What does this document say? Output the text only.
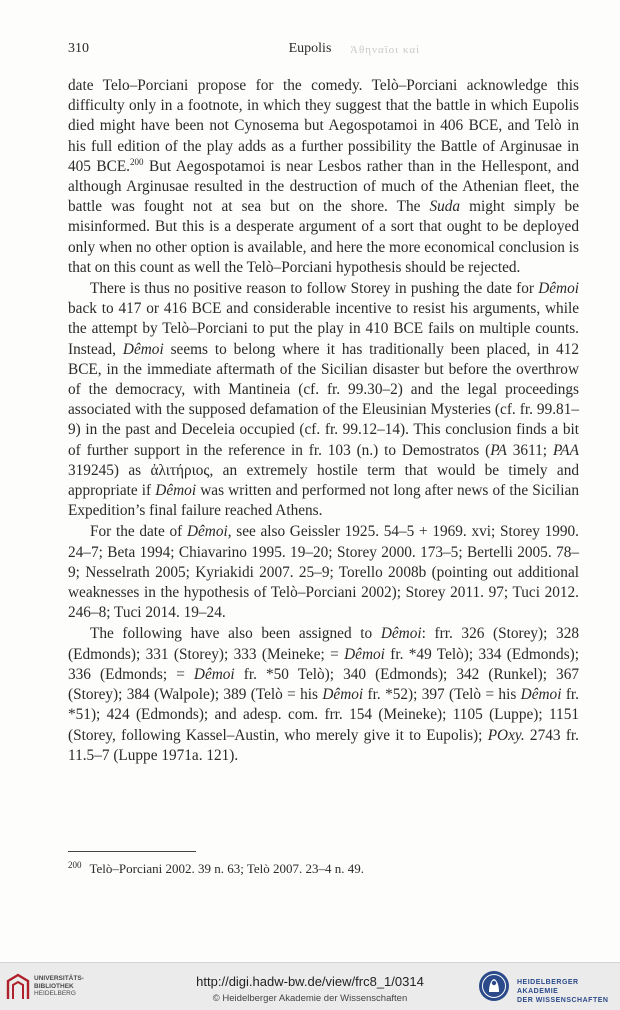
Ἀθηναῖοι καὶ
310	Eupolis

date Telo–Porciani propose for the comedy. Telò–Porciani acknowledge this difficulty only in a footnote, in which they suggest that the battle in which Eupolis died might have been not Cynosema but Aegospotamoi in 406 BCE, and Telò in his full edition of the play adds as a further possibility the Battle of Arginusae in 405 BCE.$^{200}$ But Aegospotamoi is near Lesbos rather than in the Hellespont, and although Arginusae resulted in the destruction of much of the Athenian fleet, the battle was fought not at sea but on the shore. The Suda might simply be misinformed. But this is a desperate argument of a sort that ought to be deployed only when no other option is available, and here the more economical conclusion is that on this count as well the Telò–Porciani hypothesis should be rejected.

There is thus no positive reason to follow Storey in pushing the date for Dêmoi back to 417 or 416 BCE and considerable incentive to resist his arguments, while the attempt by Telò–Porciani to put the play in 410 BCE fails on multiple counts. Instead, Dêmoi seems to belong where it has traditionally been placed, in 412 BCE, in the immediate aftermath of the Sicilian disaster but before the overthrow of the democracy, with Mantineia (cf. fr. 99.30–2) and the legal proceedings associated with the supposed defamation of the Eleusinian Mysteries (cf. fr. 99.81–9) in the past and Deceleia occupied (cf. fr. 99.12–14). This conclusion finds a bit of further support in the reference in fr. 103 (n.) to Demostratos (PA 3611; PAA 319245) as ἀλιτήριος, an extremely hostile term that would be timely and appropriate if Dêmoi was written and performed not long after news of the Sicilian Expedition’s final failure reached Athens.

For the date of Dêmoi, see also Geissler 1925. 54–5 + 1969. xvi; Storey 1990. 24–7; Beta 1994; Chiavarino 1995. 19–20; Storey 2000. 173–5; Bertelli 2005. 78–9; Nesselrath 2005; Kyriakidi 2007. 25–9; Torello 2008b (pointing out additional weaknesses in the hypothesis of Telò–Porciani 2002); Storey 2011. 97; Tuci 2012. 246–8; Tuci 2014. 19–24.

The following have also been assigned to Dêmoi: frr. 326 (Storey); 328 (Edmonds); 331 (Storey); 333 (Meineke; = Dêmoi fr. *49 Telò); 334 (Edmonds); 336 (Edmonds; = Dêmoi fr. *50 Telò); 340 (Edmonds); 342 (Runkel); 367 (Storey); 384 (Walpole); 389 (Telò = his Dêmoi fr. *52); 397 (Telò = his Dêmoi fr. *51); 424 (Edmonds); and adesp. com. frr. 154 (Meineke); 1105 (Luppe); 1151 (Storey, following Kassel–Austin, who merely give it to Eupolis); POxy. 2743 fr. 11.5–7 (Luppe 1971a. 121).

$^{200}$ Telò–Porciani 2002. 39 n. 63; Telò 2007. 23–4 n. 49.
UNIVERSITÄTS-
BIBLIOTHEK
HEIDELBERG
http://digi.hadw-bw.de/view/frc8_1/0314
© Heidelberger Akademie der Wissenschaften
HEIDELBERGER AKADEMIE
DER WISSENSCHAFTEN
